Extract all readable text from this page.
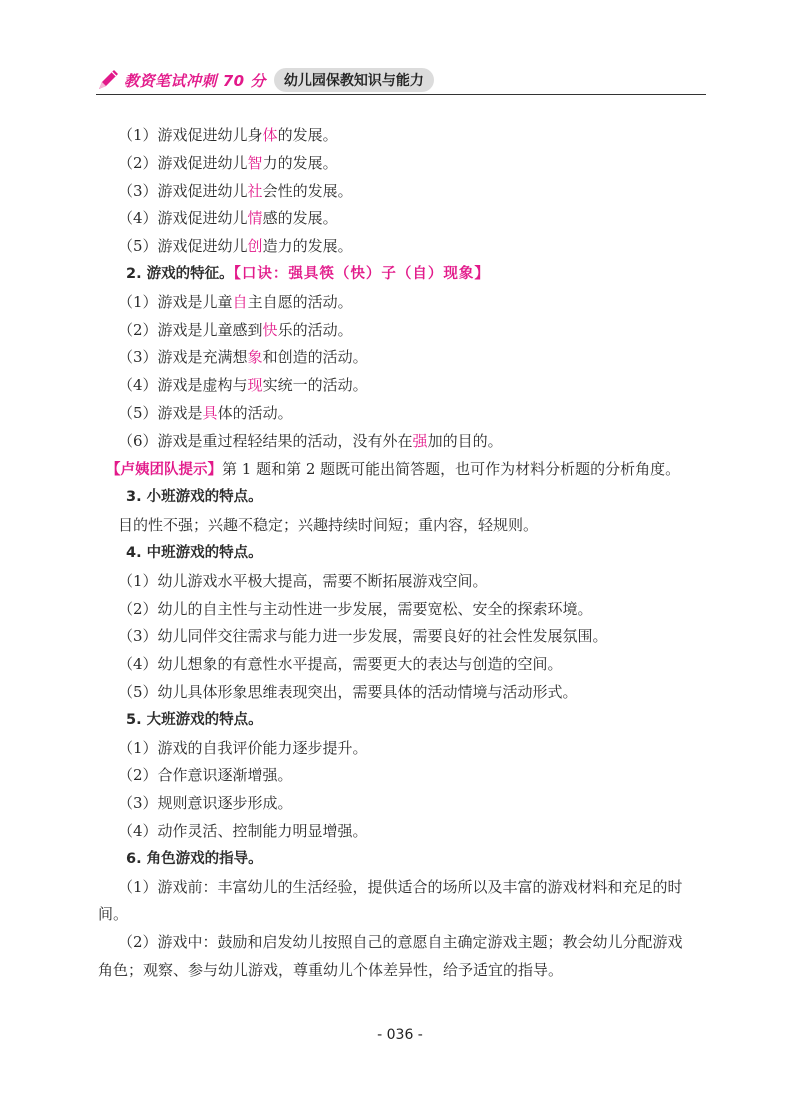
教资笔试冲刺 70 分	幼儿园保教知识与能力
（1）游戏促进幼儿身体的发展。
（2）游戏促进幼儿智力的发展。
（3）游戏促进幼儿社会性的发展。
（4）游戏促进幼儿情感的发展。
（5）游戏促进幼儿创造力的发展。
2. 游戏的特征。【口诀：强具筷（快）子（自）现象】
（1）游戏是儿童自主自愿的活动。
（2）游戏是儿童感到快乐的活动。
（3）游戏是充满想象和创造的活动。
（4）游戏是虚构与现实统一的活动。
（5）游戏是具体的活动。
（6）游戏是重过程轻结果的活动，没有外在强加的目的。
【卢姨团队提示】第 1 题和第 2 题既可能出简答题，也可作为材料分析题的分析角度。
3. 小班游戏的特点。
目的性不强；兴趣不稳定；兴趣持续时间短；重内容，轻规则。
4. 中班游戏的特点。
（1）幼儿游戏水平极大提高，需要不断拓展游戏空间。
（2）幼儿的自主性与主动性进一步发展，需要宽松、安全的探索环境。
（3）幼儿同伴交往需求与能力进一步发展，需要良好的社会性发展氛围。
（4）幼儿想象的有意性水平提高，需要更大的表达与创造的空间。
（5）幼儿具体形象思维表现突出，需要具体的活动情境与活动形式。
5. 大班游戏的特点。
（1）游戏的自我评价能力逐步提升。
（2）合作意识逐渐增强。
（3）规则意识逐步形成。
（4）动作灵活、控制能力明显增强。
6. 角色游戏的指导。
（1）游戏前：丰富幼儿的生活经验，提供适合的场所以及丰富的游戏材料和充足的时
间。
（2）游戏中：鼓励和启发幼儿按照自己的意愿自主确定游戏主题；教会幼儿分配游戏
角色；观察、参与幼儿游戏，尊重幼儿个体差异性，给予适宜的指导。
- 036 -
